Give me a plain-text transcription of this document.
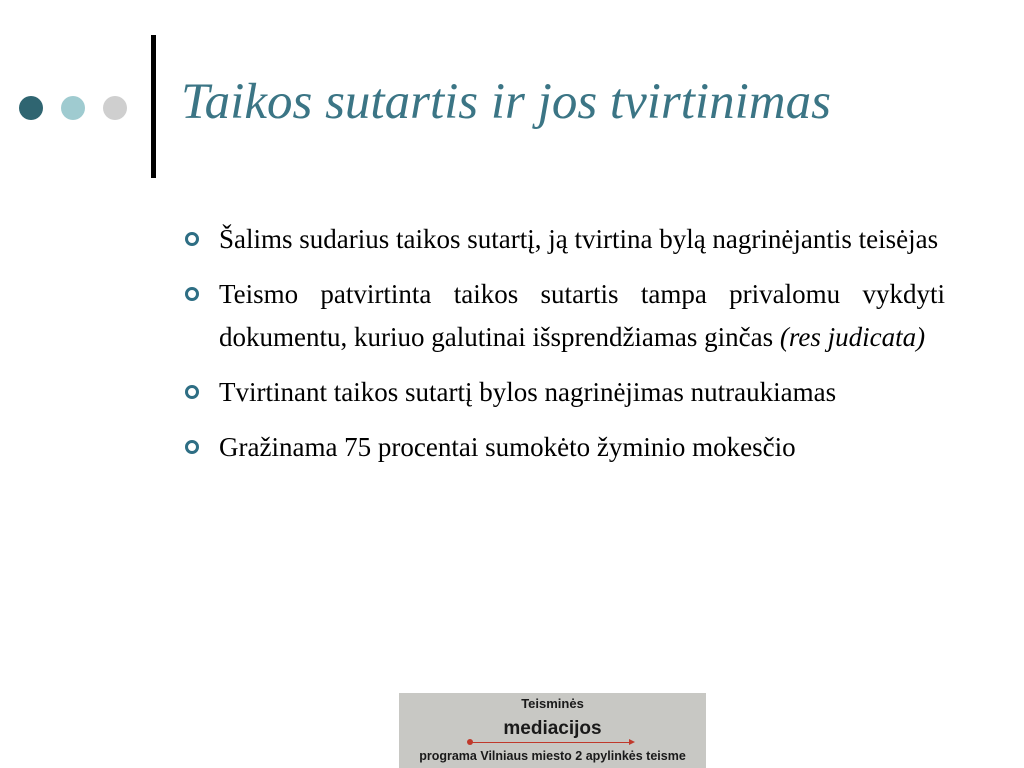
Taikos sutartis ir jos tvirtinimas
Šalims sudarius taikos sutartį, ją tvirtina bylą nagrinėjantis teisėjas
Teismo patvirtinta taikos sutartis tampa privalomu vykdyti dokumentu, kuriuo galutinai išsprendžiamas ginčas (res judicata)
Tvirtinant taikos sutartį bylos nagrinėjimas nutraukiamas
Gražinama 75 procentai sumokėto žyminio mokesčio
Teisminės
mediacijos
programa Vilniaus miesto 2 apylinkės teisme
